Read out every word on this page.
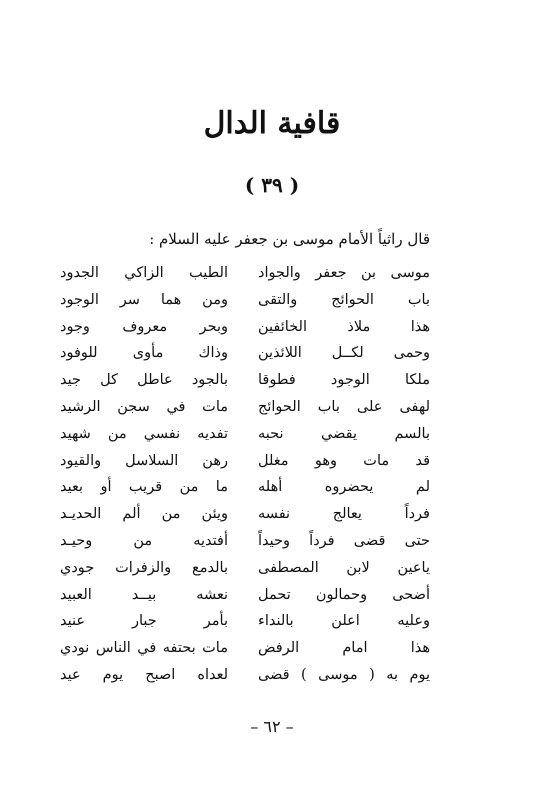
قافية الدال
( ٣٩ )
قال راثياً الأمام موسى بن جعفر عليه السلام :
موسى بن جعفر والجواد
الطيب الزاكي الجدود
باب الحوائج والتقى
ومن هما سر الوجود
هذا ملاذ الخائفين
وبحر معروف وجود
وحمى لكــل اللائذين
وذاك مأوى للوفود
ملكا الوجود فطوقا
بالجود عاطل كل جيد
لهفى على باب الحوائج
مات في سجن الرشيد
بالسم يقضي نحبه
تفديه نفسي من شهيد
قد مات وهو مغلل
رهن السلاسل والقيود
لم يحضروه أهله
ما من قريب أو بعيد
فرداً يعالج نفسه
ويئن من ألم الحديـد
حتى قضى فرداً وحيداً
أفتديه من وحيـد
ياعين لابن المصطفى
بالدمع والزفرات جودي
أضحى وحمالون تحمل
نعشه بيــد العبيد
وعليه اعلن بالنداء
بأمر جبار عنيد
هذا امام الرفض
مات بحتفه في الناس نودي
يوم به ( موسى ) قضى
لعداه اصبح يوم عيد
– ٦٢ –
